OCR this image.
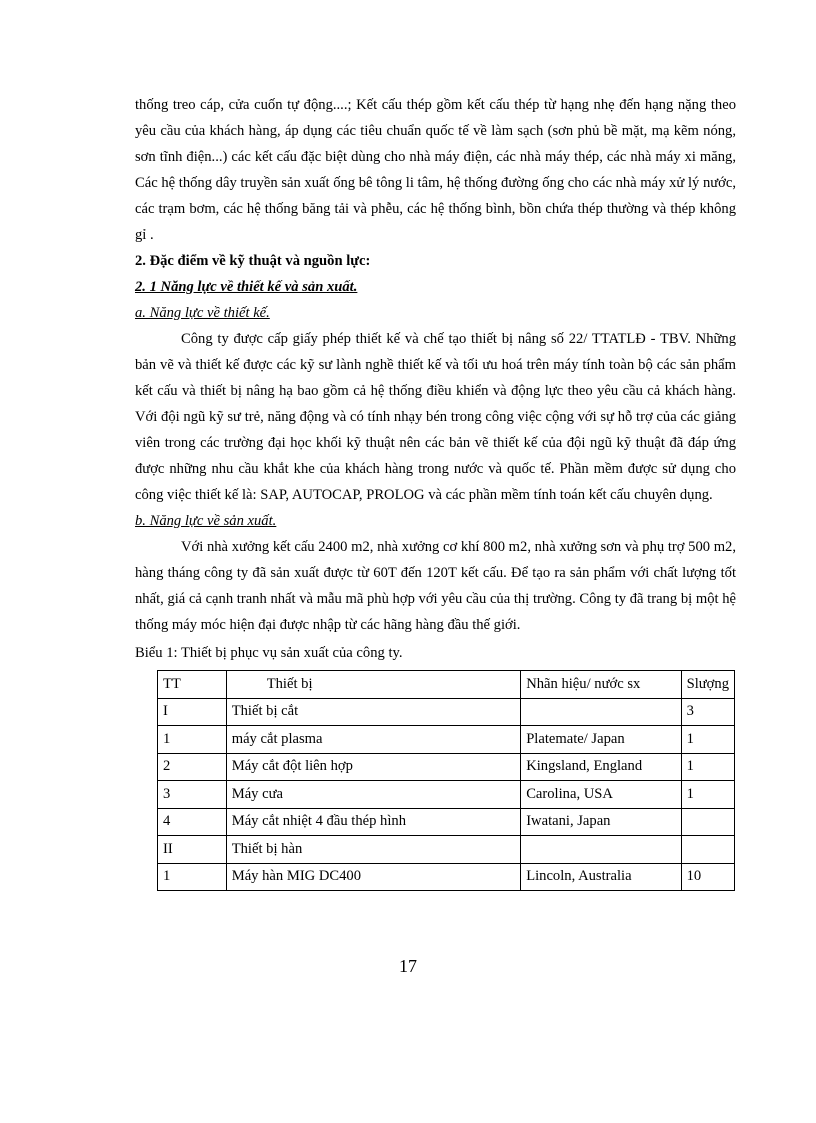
thống treo cáp, cửa cuốn tự động....; Kết cấu thép gồm kết cấu thép từ hạng nhẹ đến hạng nặng theo yêu cầu của khách hàng, áp dụng các tiêu chuẩn quốc tế về làm sạch (sơn phủ bề mặt, mạ kẽm nóng, sơn tĩnh điện...) các kết cấu đặc biệt dùng cho nhà máy điện, các nhà máy thép, các nhà máy xi măng, Các hệ thống dây truyền sản xuất ống bê tông li tâm, hệ thống đường ống cho các nhà máy xử lý nước, các trạm bơm, các hệ thống băng tải và phễu, các hệ thống bình, bồn chứa thép thường và thép không gỉ .

2. Đặc điểm về kỹ thuật và nguồn lực:

2. 1 Năng lực về thiết kế và sản xuất.

a. Năng lực về thiết kế.

Công ty được cấp giấy phép thiết kế và chế tạo thiết bị nâng số 22/ TTATLĐ - TBV. Những bản vẽ và thiết kế được các kỹ sư lành nghề thiết kế và tối ưu hoá trên máy tính toàn bộ các sản phẩm kết cấu và thiết bị nâng hạ bao gồm cả hệ thống điều khiển và động lực theo yêu cầu cả khách hàng. Với đội ngũ kỹ sư trẻ, năng động và có tính nhạy bén trong công việc cộng với sự hỗ trợ của các giảng viên trong các trường đại học khối kỹ thuật nên các bản vẽ thiết kế của đội ngũ kỹ thuật đã đáp ứng được những nhu cầu khắt khe của khách hàng trong nước và quốc tế. Phần mềm được sử dụng cho công việc thiết kế là: SAP, AUTOCAP, PROLOG và các phần mềm tính toán kết cấu chuyên dụng.

b. Năng lực về sản xuất.

Với nhà xưởng kết cấu 2400 m2, nhà xưởng cơ khí 800 m2, nhà xưởng sơn và phụ trợ 500 m2, hàng tháng công ty đã sản xuất được từ 60T đến 120T kết cấu. Để tạo ra sản phẩm với chất lượng tốt nhất, giá cả cạnh tranh nhất và mẫu mã phù hợp với yêu cầu của thị trường. Công ty đã trang bị một hệ thống máy móc hiện đại được nhập từ các hãng hàng đầu thế giới.

Biểu 1: Thiết bị phục vụ sản xuất của công ty.

TT	Thiết bị	Nhãn hiệu/ nước sx	Slượng
I	Thiết bị cắt		3
1	máy cắt plasma	Platemate/ Japan	1
2	Máy cắt đột liên hợp	Kingsland, England	1
3	Máy cưa	Carolina, USA	1
4	Máy cắt nhiệt 4 đầu thép hình	Iwatani, Japan	
II	Thiết bị hàn		
1	Máy hàn MIG DC400	Lincoln, Australia	10
17
